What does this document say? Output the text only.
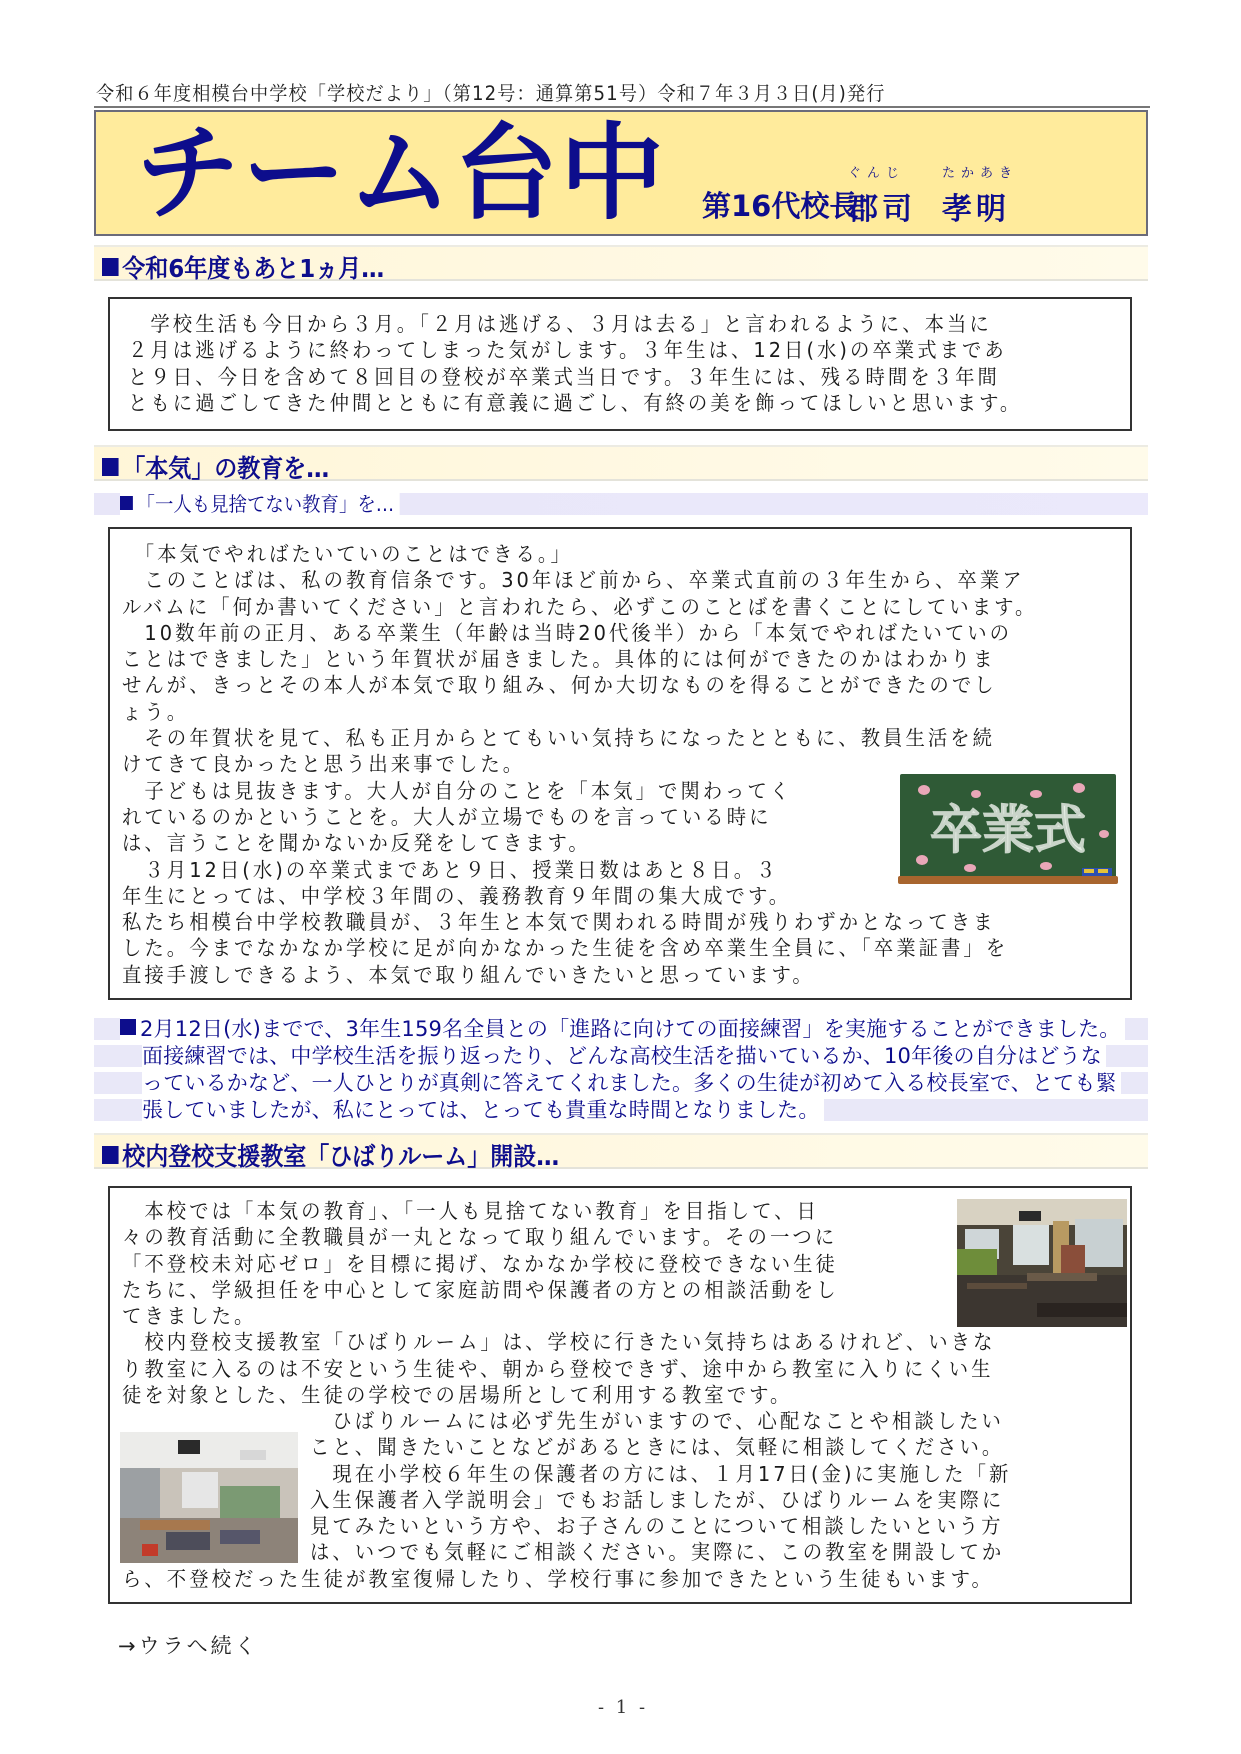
令和６年度相模台中学校「学校だより」（第12号：通算第51号）令和７年３月３日(月)発行
チーム台中 第16代校長
ぐんじ
郡司
たかあき
孝明
令和6年度もあと1ヵ月…

　学校生活も今日から３月。「２月は逃げる、３月は去る」と言われるように、本当に

２月は逃げるように終わってしまった気がします。３年生は、12日(水)の卒業式まであ

と９日、今日を含めて８回目の登校が卒業式当日です。３年生には、残る時間を３年間

ともに過ごしてきた仲間とともに有意義に過ごし、有終の美を飾ってほしいと思います。

「本気」の教育を…
「一人も見捨てない教育」を…

　「本気でやればたいていのことはできる。」

　このことばは、私の教育信条です。30年ほど前から、卒業式直前の３年生から、卒業ア

ルバムに「何か書いてください」と言われたら、必ずこのことばを書くことにしています。

　10数年前の正月、ある卒業生（年齢は当時20代後半）から「本気でやればたいていの

ことはできました」という年賀状が届きました。具体的には何ができたのかはわかりま

せんが、きっとその本人が本気で取り組み、何か大切なものを得ることができたのでし

ょう。

　その年賀状を見て、私も正月からとてもいい気持ちになったとともに、教員生活を続

けてきて良かったと思う出来事でした。

　子どもは見抜きます。大人が自分のことを「本気」で関わってく

れているのかということを。大人が立場でものを言っている時に

は、言うことを聞かないか反発をしてきます。

　３月12日(水)の卒業式まであと９日、授業日数はあと８日。３

年生にとっては、中学校３年間の、義務教育９年間の集大成です。

私たち相模台中学校教職員が、３年生と本気で関われる時間が残りわずかとなってきま

した。今までなかなか学校に足が向かなかった生徒を含め卒業生全員に、「卒業証書」を

直接手渡しできるよう、本気で取り組んでいきたいと思っています。

卒業式

2月12日(水)までで、3年生159名全員との「進路に向けての面接練習」を実施することができました。

面接練習では、中学校生活を振り返ったり、どんな高校生活を描いているか、10年後の自分はどうな

っているかなど、一人ひとりが真剣に答えてくれました。多くの生徒が初めて入る校長室で、とても緊

張していましたが、私にとっては、とっても貴重な時間となりました。

校内登校支援教室「ひばりルーム」開設…

　本校では「本気の教育」、「一人も見捨てない教育」を目指して、日

々の教育活動に全教職員が一丸となって取り組んでいます。その一つに

「不登校未対応ゼロ」を目標に掲げ、なかなか学校に登校できない生徒

たちに、学級担任を中心として家庭訪問や保護者の方との相談活動をし

てきました。

　校内登校支援教室「ひばりルーム」は、学校に行きたい気持ちはあるけれど、いきな

り教室に入るのは不安という生徒や、朝から登校できず、途中から教室に入りにくい生

徒を対象とした、生徒の学校での居場所として利用する教室です。

　ひばりルームには必ず先生がいますので、心配なことや相談したい

こと、聞きたいことなどがあるときには、気軽に相談してください。

　現在小学校６年生の保護者の方には、１月17日(金)に実施した「新

入生保護者入学説明会」でもお話しましたが、ひばりルームを実際に

見てみたいという方や、お子さんのことについて相談したいという方

は、いつでも気軽にご相談ください。実際に、この教室を開設してか

ら、不登校だった生徒が教室復帰したり、学校行事に参加できたという生徒もいます。

→ウラへ続く
- 1 -
